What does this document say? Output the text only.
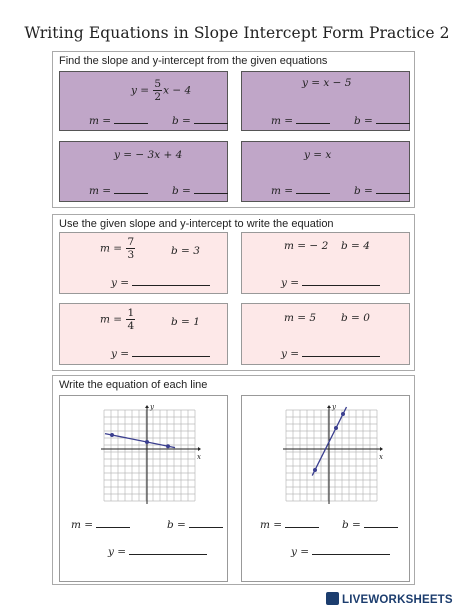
Writing Equations in Slope Intercept Form Practice 2
Find the slope and y-intercept from the given equations
$y = \frac{5}{2}$ x − 4
m =	b =
y = x − 5
m =	b =
y = − 3x + 4
m =	b =
y = x
m =	b =
Use the given slope and y-intercept to write the equation
$m = \frac{7}{3}$	b = 3
y =
m = − 2 b = 4
y =
$m = \frac{1}{4}$	b = 1
y =
m = 5 b = 0
y =
Write the equation of each line
x
y
m =	b =
y =
x
y
m =	b =
y =
LIVEWORKSHEETS
